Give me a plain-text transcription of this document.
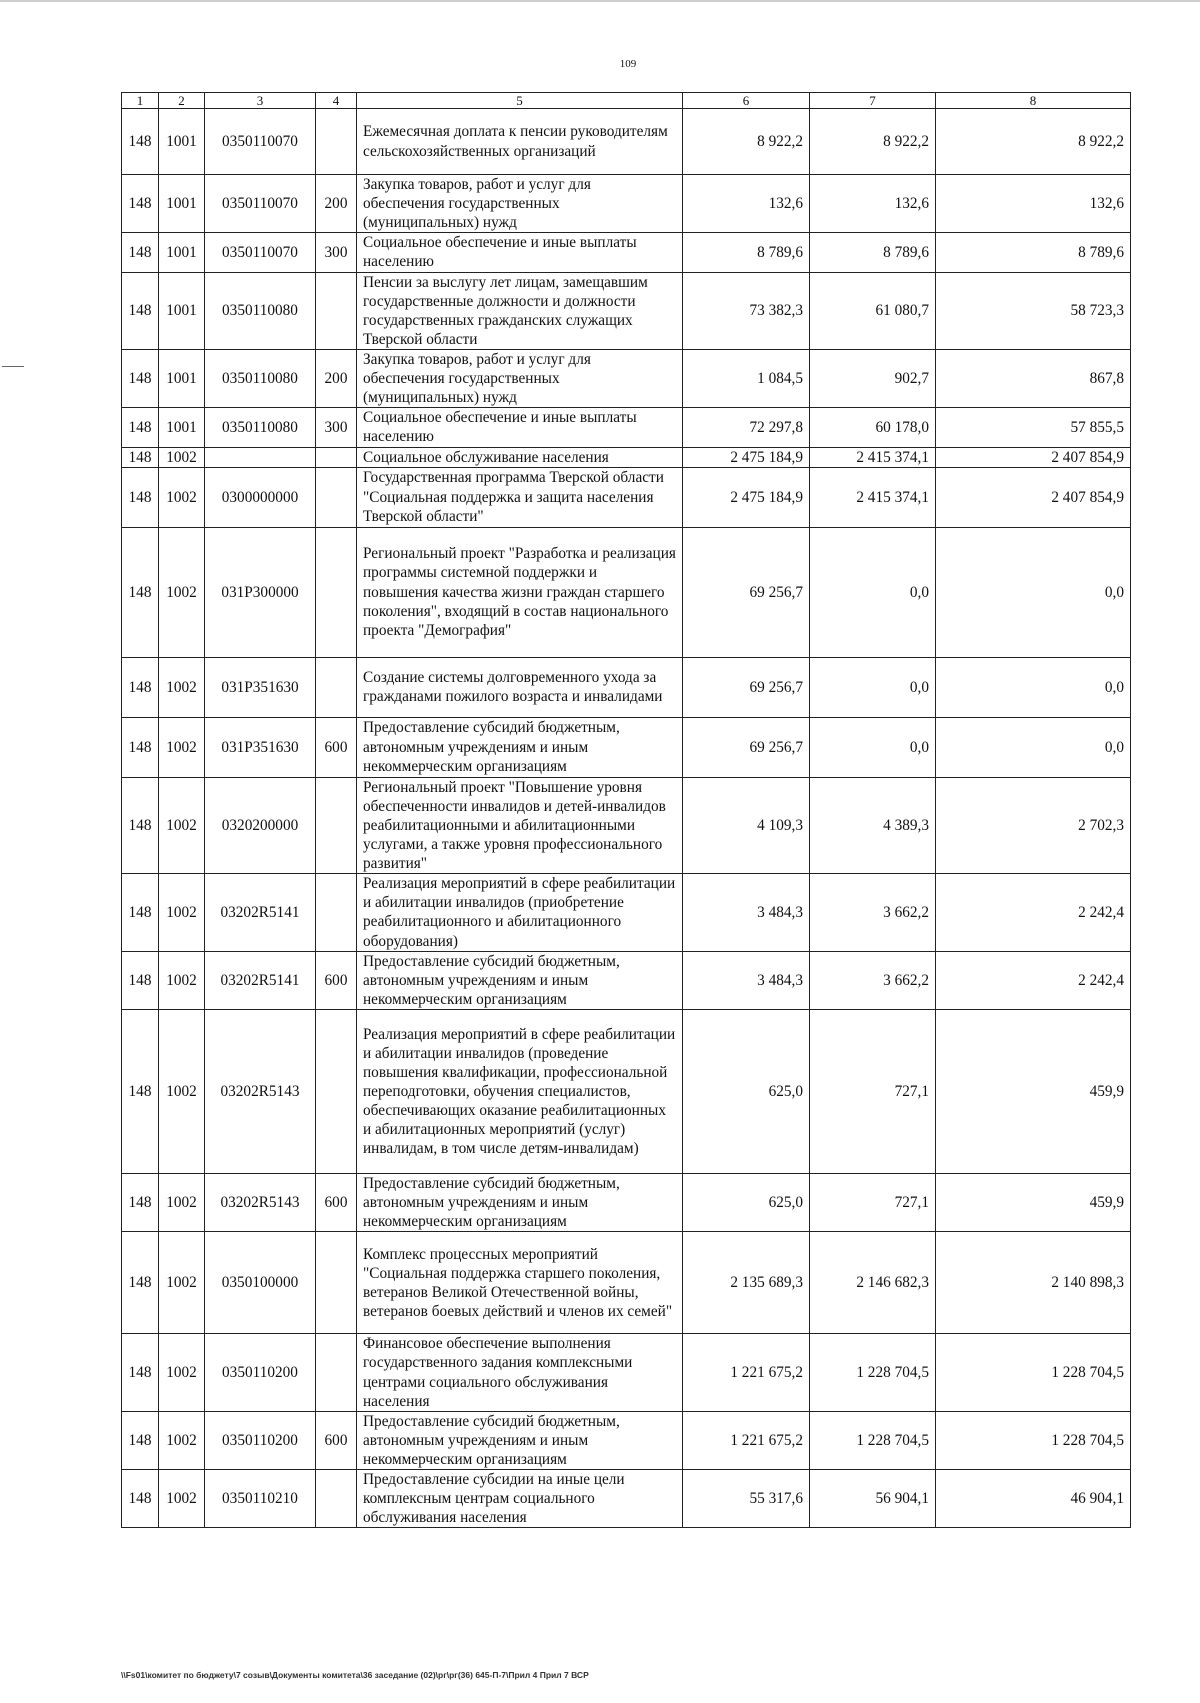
109
1	2	3	4	5	6	7	8
148	1001	0350110070		Ежемесячная доплата к пенсии руководителям сельскохозяйственных организаций	8 922,2	8 922,2	8 922,2
148	1001	0350110070	200	Закупка товаров, работ и услуг для обеспечения государственных (муниципальных) нужд	132,6	132,6	132,6
148	1001	0350110070	300	Социальное обеспечение и иные выплаты населению	8 789,6	8 789,6	8 789,6
148	1001	0350110080		Пенсии за выслугу лет лицам, замещавшим государственные должности и должности государственных гражданских служащих Тверской области	73 382,3	61 080,7	58 723,3
148	1001	0350110080	200	Закупка товаров, работ и услуг для обеспечения государственных (муниципальных) нужд	1 084,5	902,7	867,8
148	1001	0350110080	300	Социальное обеспечение и иные выплаты населению	72 297,8	60 178,0	57 855,5
148	1002			Социальное обслуживание населения	2 475 184,9	2 415 374,1	2 407 854,9
148	1002	0300000000		Государственная программа Тверской области "Социальная поддержка и защита населения Тверской области"	2 475 184,9	2 415 374,1	2 407 854,9
148	1002	031P300000		Региональный проект "Разработка и реализация программы системной поддержки и повышения качества жизни граждан старшего поколения", входящий в состав национального проекта "Демография"	69 256,7	0,0	0,0
148	1002	031P351630		Создание системы долговременного ухода за гражданами пожилого возраста и инвалидами	69 256,7	0,0	0,0
148	1002	031P351630	600	Предоставление субсидий бюджетным, автономным учреждениям и иным некоммерческим организациям	69 256,7	0,0	0,0
148	1002	0320200000		Региональный проект "Повышение уровня обеспеченности инвалидов и детей-инвалидов реабилитационными и абилитационными услугами, а также уровня профессионального развития"	4 109,3	4 389,3	2 702,3
148	1002	03202R5141		Реализация мероприятий в сфере реабилитации и абилитации инвалидов (приобретение реабилитационного и абилитационного оборудования)	3 484,3	3 662,2	2 242,4
148	1002	03202R5141	600	Предоставление субсидий бюджетным, автономным учреждениям и иным некоммерческим организациям	3 484,3	3 662,2	2 242,4
148	1002	03202R5143		Реализация мероприятий в сфере реабилитации и абилитации инвалидов (проведение повышения квалификации, профессиональной переподготовки, обучения специалистов, обеспечивающих оказание реабилитационных и абилитационных мероприятий (услуг) инвалидам, в том числе детям-инвалидам)	625,0	727,1	459,9
148	1002	03202R5143	600	Предоставление субсидий бюджетным, автономным учреждениям и иным некоммерческим организациям	625,0	727,1	459,9
148	1002	0350100000		Комплекс процессных мероприятий "Социальная поддержка старшего поколения, ветеранов Великой Отечественной войны, ветеранов боевых действий и членов их семей"	2 135 689,3	2 146 682,3	2 140 898,3
148	1002	0350110200		Финансовое обеспечение выполнения государственного задания комплексными центрами социального обслуживания населения	1 221 675,2	1 228 704,5	1 228 704,5
148	1002	0350110200	600	Предоставление субсидий бюджетным, автономным учреждениям и иным некоммерческим организациям	1 221 675,2	1 228 704,5	1 228 704,5
148	1002	0350110210		Предоставление субсидии на иные цели комплексным центрам социального обслуживания населения	55 317,6	56 904,1	46 904,1
\\Fs01\комитет по бюджету\7 созыв\Документы комитета\36 заседание (02)\рг\рг(36) 645-П-7\Прил 4 Прил 7 ВСР
